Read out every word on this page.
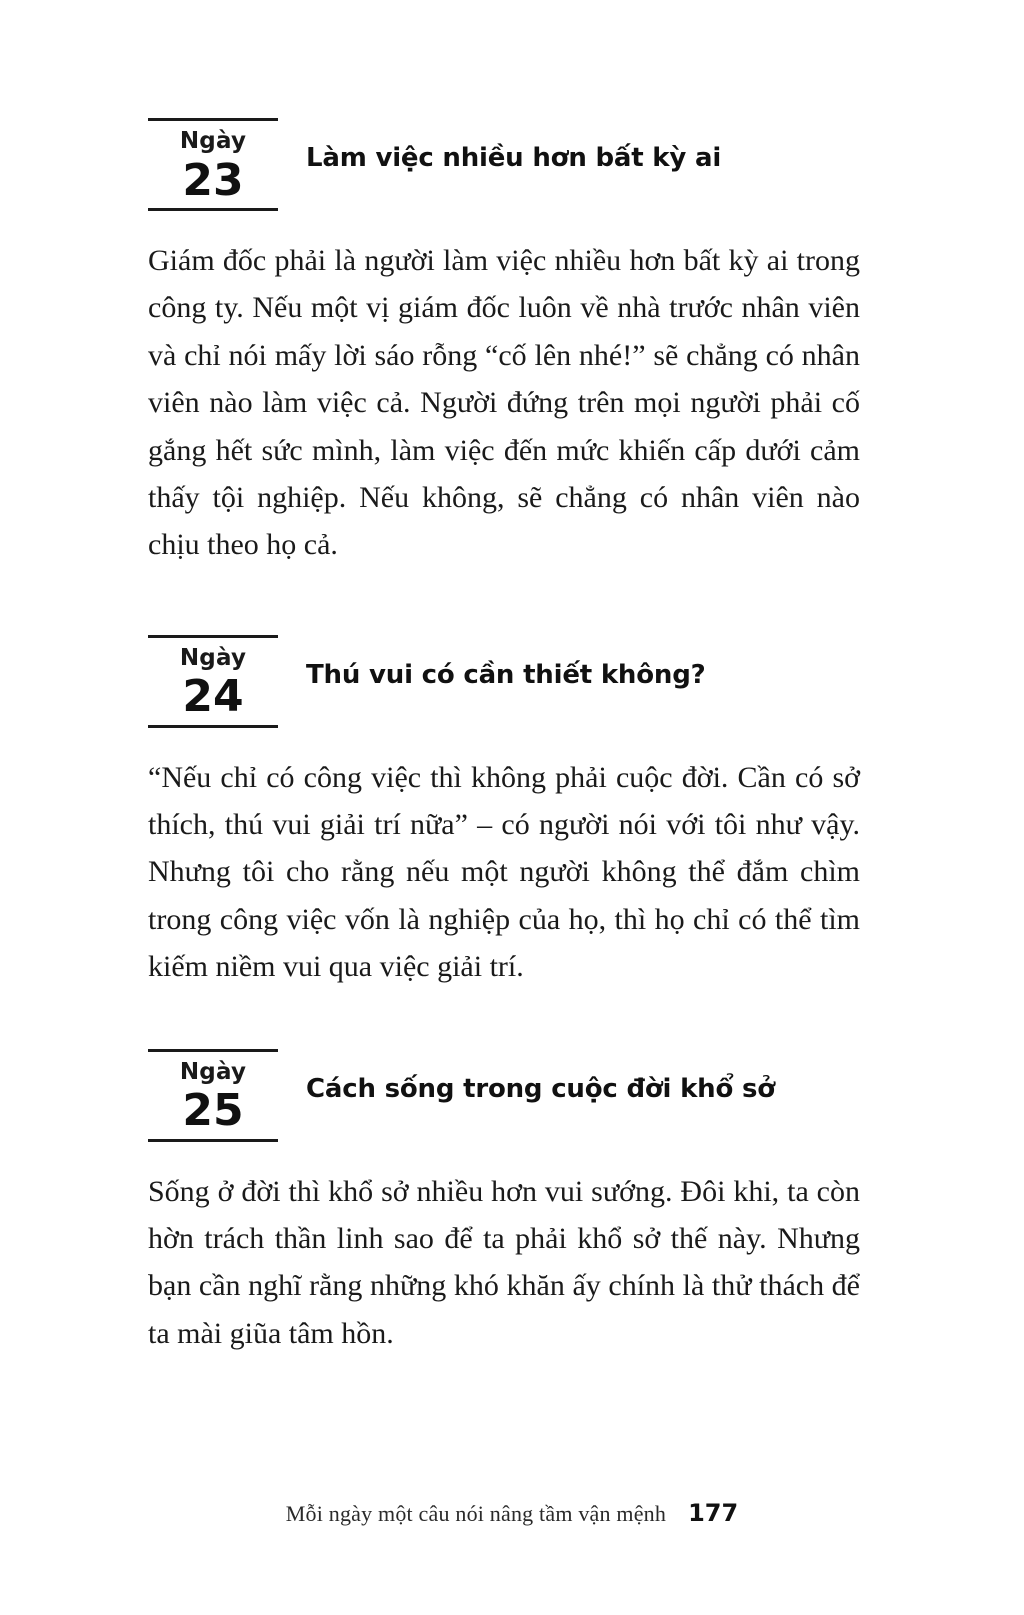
Ngày
23	Làm việc nhiều hơn bất kỳ ai
Giám đốc phải là người làm việc nhiều hơn bất kỳ ai trong công ty. Nếu một vị giám đốc luôn về nhà trước nhân viên và chỉ nói mấy lời sáo rỗng “cố lên nhé!” sẽ chẳng có nhân viên nào làm việc cả. Người đứng trên mọi người phải cố gắng hết sức mình, làm việc đến mức khiến cấp dưới cảm thấy tội nghiệp. Nếu không, sẽ chẳng có nhân viên nào chịu theo họ cả.
Ngày
24	Thú vui có cần thiết không?
“Nếu chỉ có công việc thì không phải cuộc đời. Cần có sở thích, thú vui giải trí nữa” – có người nói với tôi như vậy. Nhưng tôi cho rằng nếu một người không thể đắm chìm trong công việc vốn là nghiệp của họ, thì họ chỉ có thể tìm kiếm niềm vui qua việc giải trí.
Ngày
25	Cách sống trong cuộc đời khổ sở
Sống ở đời thì khổ sở nhiều hơn vui sướng. Đôi khi, ta còn hờn trách thần linh sao để ta phải khổ sở thế này. Nhưng bạn cần nghĩ rằng những khó khăn ấy chính là thử thách để ta mài giũa tâm hồn.
Mỗi ngày một câu nói nâng tầm vận mệnh 177
